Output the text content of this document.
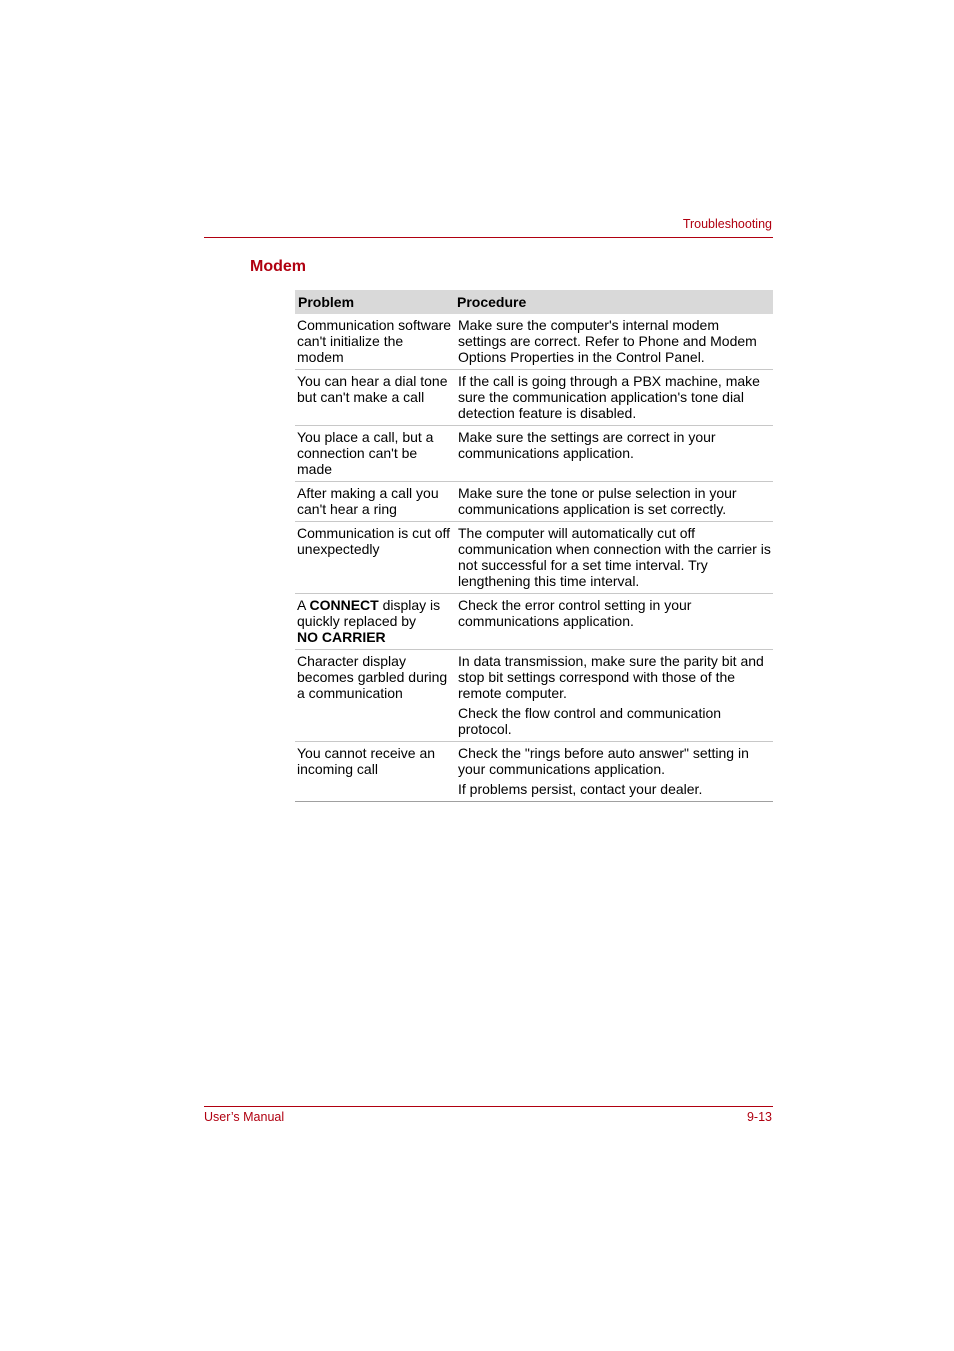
Troubleshooting
Modem
Problem	Procedure
Communication software can't initialize the modem	Make sure the computer's internal modem settings are correct. Refer to Phone and Modem Options Properties in the Control Panel.

You can hear a dial tone but can't make a call	If the call is going through a PBX machine, make sure the communication application's tone dial detection feature is disabled.

You place a call, but a connection can't be made	Make sure the settings are correct in your communications application.

After making a call you can't hear a ring	Make sure the tone or pulse selection in your communications application is set correctly.

Communication is cut off unexpectedly	The computer will automatically cut off communication when connection with the carrier is not successful for a set time interval. Try lengthening this time interval.

A CONNECT display is quickly replaced by
NO CARRIER	Check the error control setting in your communications application.

Character display becomes garbled during a communication	In data transmission, make sure the parity bit and stop bit settings correspond with those of the remote computer.
Check the flow control and communication protocol.

You cannot receive an incoming call	Check the "rings before auto answer" setting in your communications application.
If problems persist, contact your dealer.
User’s Manual	9-13
